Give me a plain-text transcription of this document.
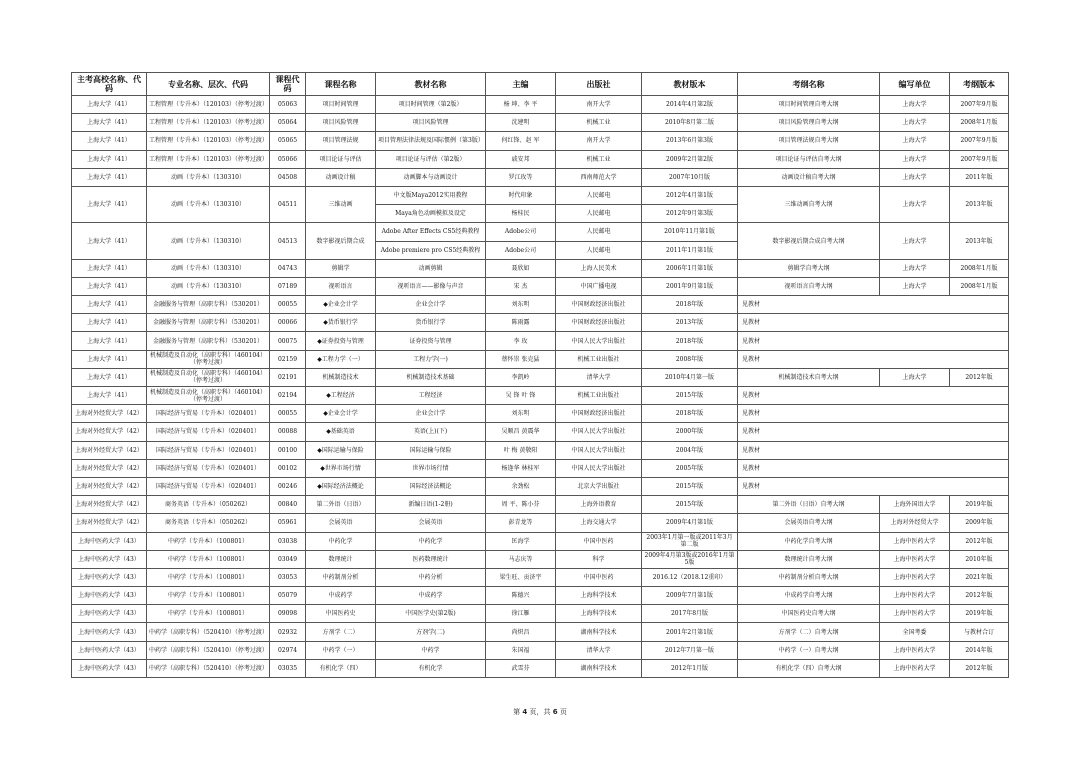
主考高校名称、代码	专业名称、层次、代码	课程代码	课程名称	教材名称	主编	出版社	教材版本	考纲名称	编写单位	考纲版本
上海大学（41）	工程管理（专升本）（120103）（停考过渡）	05063	项目时间管理	项目时间管理（第2版）	杨 坤、李 平	南开大学	2014年4月第2版	项目时间管理自考大纲	上海大学	2007年9月版
上海大学（41）	工程管理（专升本）（120103）（停考过渡）	05064	项目风险管理	项目风险管理	沈建明	机械工业	2010年8月第二版	项目风险管理自考大纲	上海大学	2008年1月版
上海大学（41）	工程管理（专升本）（120103）（停考过渡）	05065	项目管理法规	项目管理法律法规及国际惯例（第3版）	何红锋、赵 军	南开大学	2013年6月第3版	项目管理法规自考大纲	上海大学	2007年9月版
上海大学（41）	工程管理（专升本）（120103）（停考过渡）	05066	项目论证与评估	项目论证与评估（第2版）	戚安邦	机械工业	2009年2月第2版	项目论证与评估自考大纲	上海大学	2007年9月版
上海大学（41）	动画（专升本）（130310）	04508	动画设计稿	动画脚本与动画设计	罗江玫等	西南师范大学	2007年10月版	动画设计稿自考大纲	上海大学	2011年版
上海大学（41）	动画（专升本）（130310）	04511	三维动画	中文版Maya2012实用教程	时代印象	人民邮电	2012年4月第1版	三维动画自考大纲	上海大学	2013年版
				Maya角色动画模拟及设定	杨桂民	人民邮电	2012年9月第3版			
上海大学（41）	动画（专升本）（130310）	04513	数字影视后期合成	Adobe After Effects CS5经典教程	Adobe公司	人民邮电	2010年11月第1版	数字影视后期合成自考大纲	上海大学	2013年版
				Adobe premiere pro CS5经典教程	Adobe公司	人民邮电	2011年1月第1版			
上海大学（41）	动画（专升本）（130310）	04743	剪辑学	动画剪辑	聂欣如	上海人民美术	2006年1月第1版	剪辑学自考大纲	上海大学	2008年1月版
上海大学（41）	动画（专升本）（130310）	07189	视听语言	视听语言——影像与声音	宋 杰	中国广播电视	2001年9月第1版	视听语言自考大纲	上海大学	2008年1月版
上海大学（41）	金融服务与管理（高职专科）（530201）	00055	◆企业会计学	企业会计学	刘东明	中国财政经济出版社	2018年版	见教材		
上海大学（41）	金融服务与管理（高职专科）（530201）	00066	◆货币银行学	货币银行学	陈雨露	中国财政经济出版社	2013年版	见教材		
上海大学（41）	金融服务与管理（高职专科）（530201）	00075	◆证券投资与管理	证券投资与管理	李 玫	中国人民大学出版社	2018年版	见教材		
上海大学（41）	机械制造及自动化（高职专科）（460104）（停考过渡）	02159	◆工程力学（一）	工程力学(一)	蔡怀崇 张克猛	机械工业出版社	2008年版	见教材		
上海大学（41）	机械制造及自动化（高职专科）（460104）（停考过渡）	02191	机械制造技术	机械制造技术基础	李凯岭	清华大学	2010年4月第一版	机械制造技术自考大纲	上海大学	2012年版
上海大学（41）	机械制造及自动化（高职专科）（460104）（停考过渡）	02194	◆工程经济	工程经济	吴 锋 叶 锋	机械工业出版社	2015年版	见教材		
上海对外经贸大学（42）	国际经济与贸易（专升本）（020401）	00055	◆企业会计学	企业会计学	刘东明	中国财政经济出版社	2018年版	见教材		
上海对外经贸大学（42）	国际经济与贸易（专升本）（020401）	00088	◆基础英语	英语(上)(下)	吴顺昌 黄震华	中国人民大学出版社	2000年版	见教材		
上海对外经贸大学（42）	国际经济与贸易（专升本）（020401）	00100	◆国际运输与保险	国际运输与保险	叶 梅 黄敬阳	中国人民大学出版社	2004年版	见教材		
上海对外经贸大学（42）	国际经济与贸易（专升本）（020401）	00102	◆世界市场行情	世界市场行情	杨逢华 林桂军	中国人民大学出版社	2005年版	见教材		
上海对外经贸大学（42）	国际经济与贸易（专升本）（020401）	00246	◆国际经济法概论	国际经济法概论	余劲松	北京大学出版社	2015年版	见教材		
上海对外经贸大学（42）	商务英语（专升本）（050262）	00840	第二外语（日语）	新编日语(1-2册)	周 平、陈小芬	上海外语教育	2015年版	第二外语（日语）自考大纲	上海外国语大学	2019年版
上海对外经贸大学（42）	商务英语（专升本）（050262）	05961	会展英语	会展英语	彭青龙等	上海交通大学	2009年4月第1版	会展英语自考大纲	上海对外经贸大学	2009年版
上海中医药大学（43）	中药学（专升本）（100801）	03038	中药化学	中药化学	匡海学	中国中医药	2003年1月第一版或2011年3月第二版	中药化学自考大纲	上海中医药大学	2012年版
上海中医药大学（43）	中药学（专升本）（100801）	03049	数理统计	医药数理统计	马志庆等	科学	2009年4月第3版或2016年1月第5版	数理统计自考大纲	上海中医药大学	2010年版
上海中医药大学（43）	中药学（专升本）（100801）	03053	中药制剂分析	中药分析	梁生旺、贡济宇	中国中医药	2016.12（2018.12重印）	中药制剂分析自考大纲	上海中医药大学	2021年版
上海中医药大学（43）	中药学（专升本）（100801）	05079	中成药学	中成药学	陈德兴	上海科学技术	2009年7月第1版	中成药学自考大纲	上海中医药大学	2012年版
上海中医药大学（43）	中药学（专升本）（100801）	09098	中国医药史	中国医学史(第2版)	徐江雁	上海科学技术	2017年8月版	中国医药史自考大纲	上海中医药大学	2019年版
上海中医药大学（43）	中药学（高职专科）（520410）（停考过渡）	02932	方剂学（二）	方剂学(二)	尚炽昌	湖南科学技术	2001年2月第1版	方剂学（二）自考大纲	全国考委	与教材合订
上海中医药大学（43）	中药学（高职专科）（520410）（停考过渡）	02974	中药学（一）	中药学	朱国福	清华大学	2012年7月第一版	中药学（一）自考大纲	上海中医药大学	2014年版
上海中医药大学（43）	中药学（高职专科）（520410）（停考过渡）	03035	有机化学（四）	有机化学	武雪芬	湖南科学技术	2012年1月版	有机化学（四）自考大纲	上海中医药大学	2012年版
第 4 页，共 6 页
